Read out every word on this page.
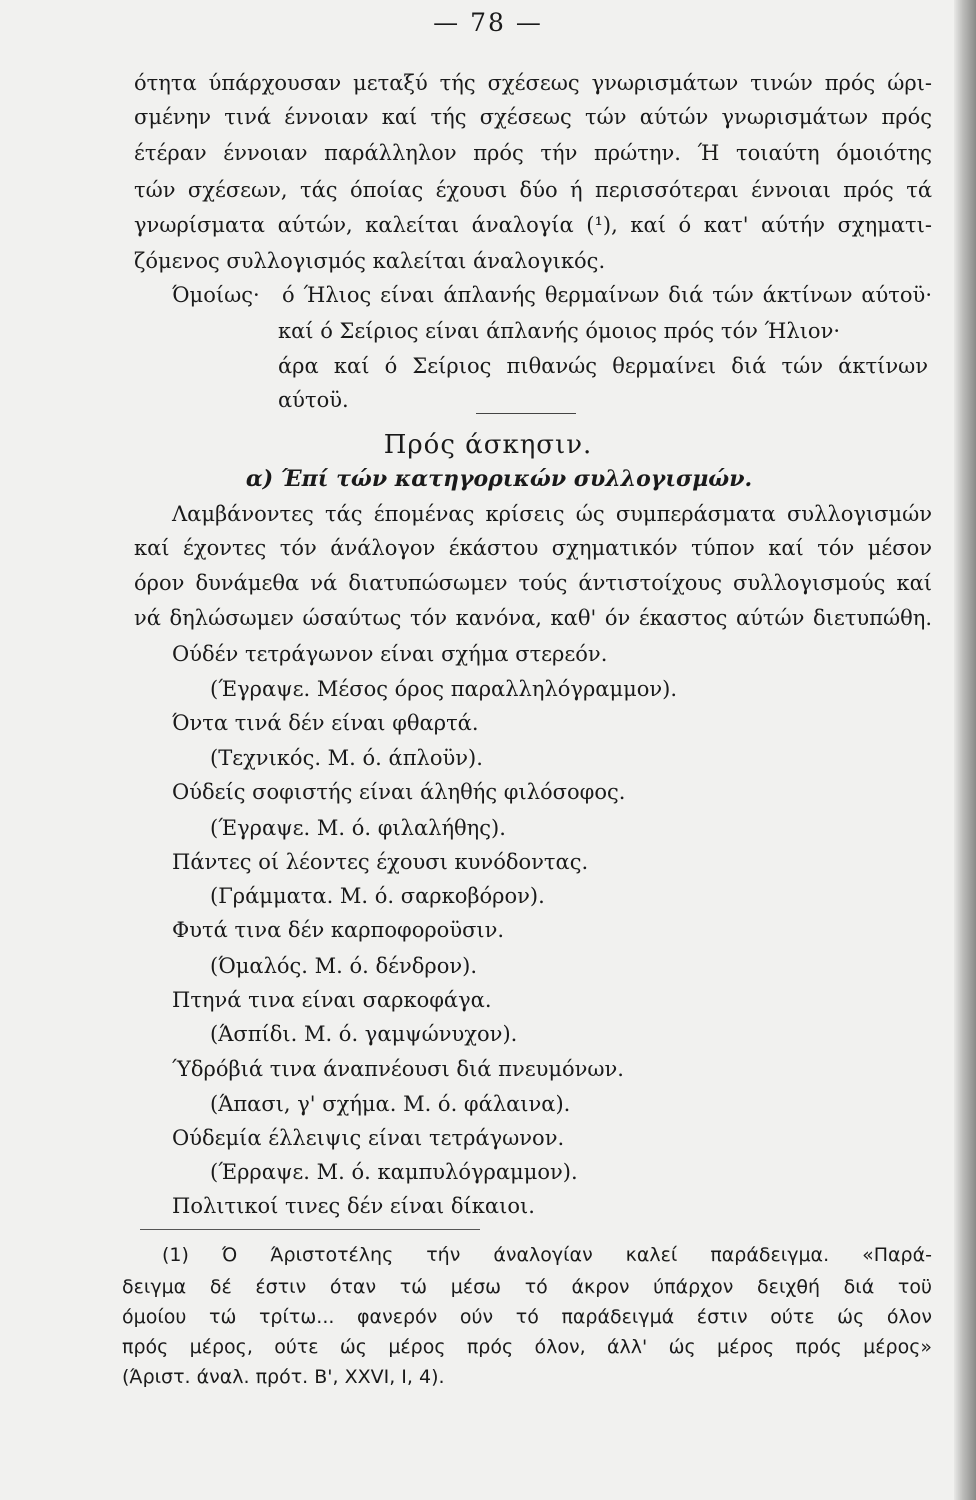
— 78 —
ότητα ύπάρχουσαν μεταξύ τής σχέσεως γνωρισμάτων τινών πρός ώρι-
σμένην τινά έννοιαν καί τής σχέσεως τών αύτών γνωρισμάτων πρός
έτέραν έννοιαν παράλληλον πρός τήν πρώτην. Ή τοιαύτη όμοιότης
τών σχέσεων, τάς όποίας έχουσι δύο ή περισσότεραι έννοιαι πρός τά
γνωρίσματα αύτών, καλείται άναλογία (¹), καί ό κατ' αύτήν σχηματι-
ζόμενος συλλογισμός καλείται άναλογικός.
Όμοίως· ό Ήλιος είναι άπλανής θερμαίνων διά τών άκτίνων αύτοϋ·
καί ό Σείριος είναι άπλανής όμοιος πρός τόν Ήλιον·
άρα καί ό Σείριος πιθανώς θερμαίνει διά τών άκτίνων
αύτοϋ.
Πρός άσκησιν.
α) Έπί τών κατηγορικών συλλογισμών.
Λαμβάνοντες τάς έπομένας κρίσεις ώς συμπεράσματα συλλογισμών
καί έχοντες τόν άνάλογον έκάστου σχηματικόν τύπον καί τόν μέσον
όρον δυνάμεθα νά διατυπώσωμεν τούς άντιστοίχους συλλογισμούς καί
νά δηλώσωμεν ώσαύτως τόν κανόνα, καθ' όν έκαστος αύτών διετυπώθη.
Ούδέν τετράγωνον είναι σχήμα στερεόν.
(Έγραψε. Μέσος όρος παραλληλόγραμμον).
Όντα τινά δέν είναι φθαρτά.
(Τεχνικός. Μ. ό. άπλοϋν).
Ούδείς σοφιστής είναι άληθής φιλόσοφος.
(Έγραψε. Μ. ό. φιλαλήθης).
Πάντες οί λέοντες έχουσι κυνόδοντας.
(Γράμματα. Μ. ό. σαρκοβόρον).
Φυτά τινα δέν καρποφοροϋσιν.
(Όμαλός. Μ. ό. δένδρον).
Πτηνά τινα είναι σαρκοφάγα.
(Άσπίδι. Μ. ό. γαμψώνυχον).
Ύδρόβιά τινα άναπνέουσι διά πνευμόνων.
(Άπασι, γ' σχήμα. Μ. ό. φάλαινα).
Ούδεμία έλλειψις είναι τετράγωνον.
(Έρραψε. Μ. ό. καμπυλόγραμμον).
Πολιτικοί τινες δέν είναι δίκαιοι.
(1) Ό Άριστοτέλης τήν άναλογίαν καλεί παράδειγμα. «Παρά-
δειγμα δέ έστιν όταν τώ μέσω τό άκρον ύπάρχον δειχθή διά τοϋ
όμοίου τώ τρίτω... φανερόν ούν τό παράδειγμά έστιν ούτε ώς όλον
πρός μέρος, ούτε ώς μέρος πρός όλον, άλλ' ώς μέρος πρός μέρος»
(Άριστ. άναλ. πρότ. Β', XXVI, I, 4).
